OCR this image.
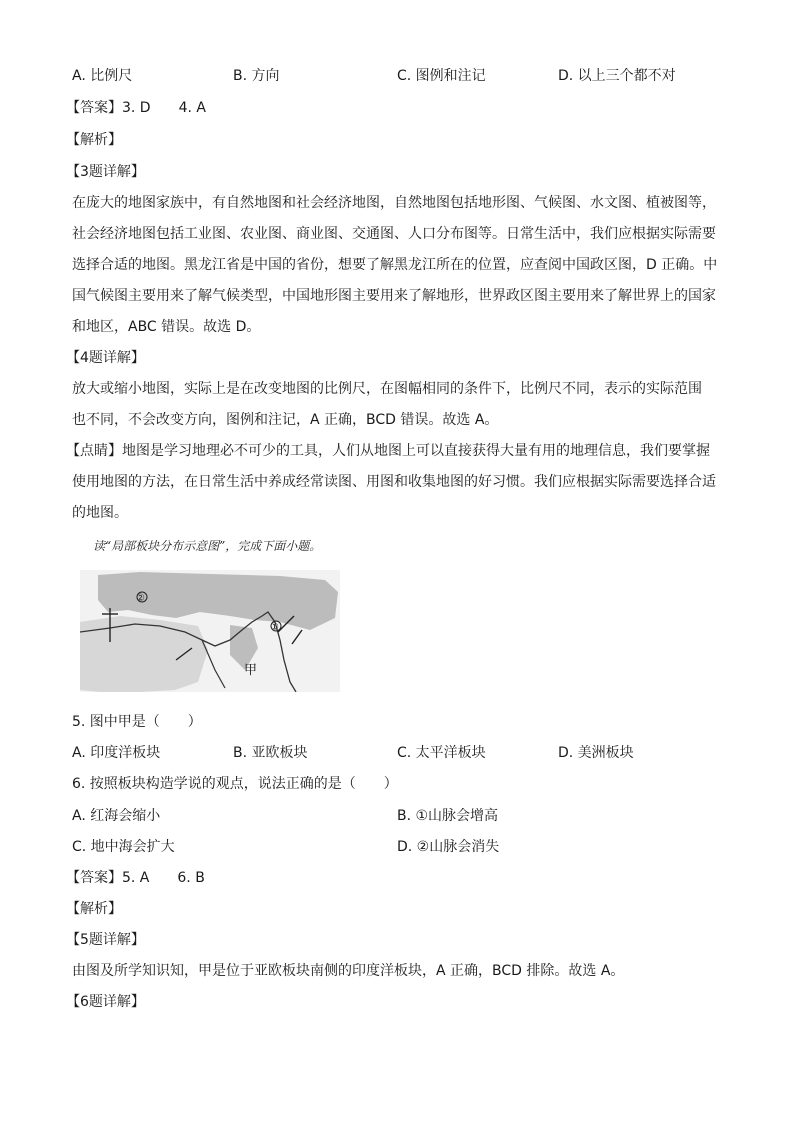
A. 比例尺	B. 方向	C. 图例和注记	D. 以上三个都不对
【答案】3. D　　4. A
【解析】
【3题详解】
在庞大的地图家族中，有自然地图和社会经济地图，自然地图包括地形图、气候图、水文图、植被图等，
社会经济地图包括工业图、农业图、商业图、交通图、人口分布图等。日常生活中，我们应根据实际需要
选择合适的地图。黑龙江省是中国的省份，想要了解黑龙江所在的位置，应查阅中国政区图，D 正确。中
国气候图主要用来了解气候类型，中国地形图主要用来了解地形，世界政区图主要用来了解世界上的国家
和地区，ABC 错误。故选 D。
【4题详解】
放大或缩小地图，实际上是在改变地图的比例尺，在图幅相同的条件下，比例尺不同，表示的实际范围
也不同，不会改变方向，图例和注记，A 正确，BCD 错误。故选 A。
【点睛】地图是学习地理必不可少的工具，人们从地图上可以直接获得大量有用的地理信息，我们要掌握
使用地图的方法，在日常生活中养成经常读图、用图和收集地图的好习惯。我们应根据实际需要选择合适
的地图。
读“局部板块分布示意图”，完成下面小题。
②
①
甲
5. 图中甲是（　　）
A. 印度洋板块	B. 亚欧板块	C. 太平洋板块	D. 美洲板块
6. 按照板块构造学说的观点，说法正确的是（　　）
A. 红海会缩小	B. ①山脉会增高
C. 地中海会扩大	D. ②山脉会消失
【答案】5. A　　6. B
【解析】
【5题详解】
由图及所学知识知，甲是位于亚欧板块南侧的印度洋板块，A 正确，BCD 排除。故选 A。
【6题详解】
